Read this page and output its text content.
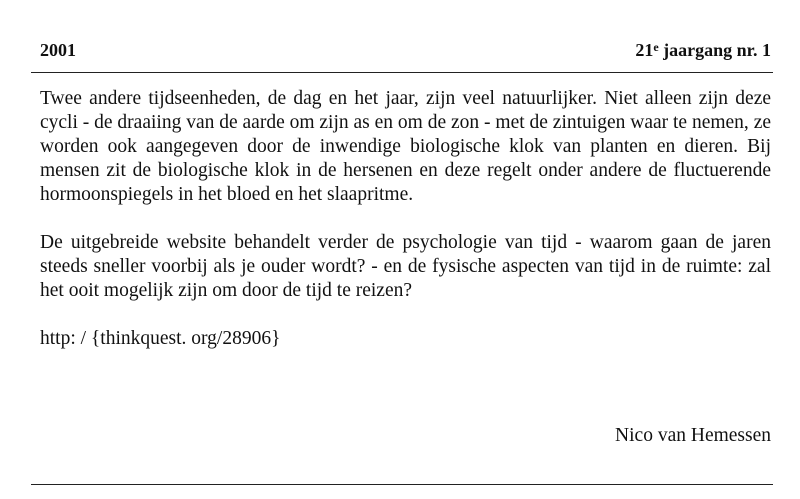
2001	21e jaargang nr. 1

Twee andere tijdseenheden, de dag en het jaar, zijn veel natuurlijker. Niet alleen zijn deze cycli - de draaiing van de aarde om zijn as en om de zon - met de zintuigen waar te nemen, ze worden ook aangegeven door de inwendige biologische klok van planten en dieren. Bij mensen zit de biologische klok in de hersenen en deze regelt onder andere de fluctuerende hormoonspiegels in het bloed en het slaapritme.

De uitgebreide website behandelt verder de psychologie van tijd - waarom gaan de jaren steeds sneller voorbij als je ouder wordt? - en de fysische aspecten van tijd in de ruimte: zal het ooit mogelijk zijn om door de tijd te reizen?

http: / {thinkquest. org/28906}

Nico van Hemessen
